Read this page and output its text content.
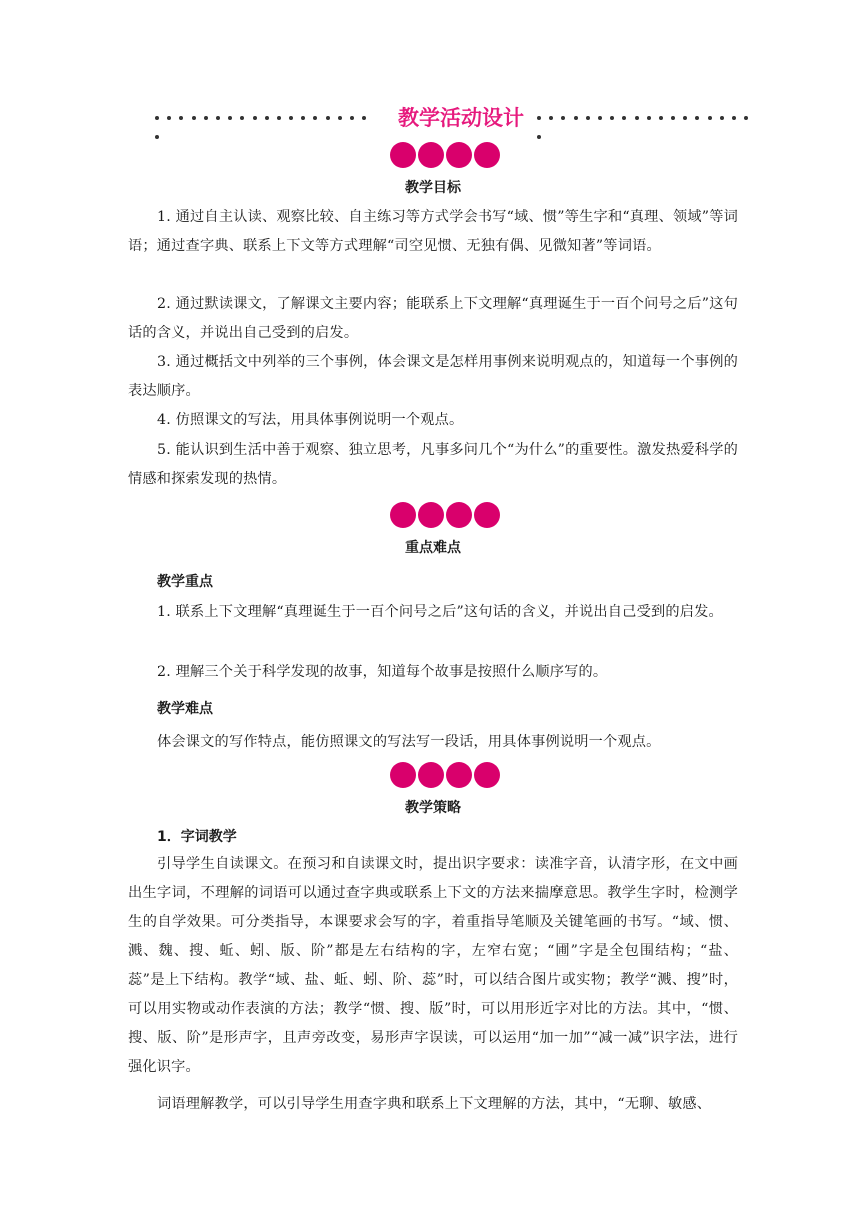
教学活动设计
教学目标
1. 通过自主认读、观察比较、自主练习等方式学会书写“域、惯”等生字和“真理、领域”等词语；通过查字典、联系上下文等方式理解“司空见惯、无独有偶、见微知著”等词语。
2. 通过默读课文，了解课文主要内容；能联系上下文理解“真理诞生于一百个问号之后”这句话的含义，并说出自己受到的启发。
3. 通过概括文中列举的三个事例，体会课文是怎样用事例来说明观点的，知道每一个事例的表达顺序。
4. 仿照课文的写法，用具体事例说明一个观点。
5. 能认识到生活中善于观察、独立思考，凡事多问几个“为什么”的重要性。激发热爱科学的情感和探索发现的热情。
重点难点
教学重点
1. 联系上下文理解“真理诞生于一百个问号之后”这句话的含义，并说出自己受到的启发。
2. 理解三个关于科学发现的故事，知道每个故事是按照什么顺序写的。
教学难点
体会课文的写作特点，能仿照课文的写法写一段话，用具体事例说明一个观点。
教学策略
1．字词教学
引导学生自读课文。在预习和自读课文时，提出识字要求：读准字音，认清字形，在文中画出生字词，不理解的词语可以通过查字典或联系上下文的方法来揣摩意思。教学生字时，检测学生的自学效果。可分类指导，本课要求会写的字，着重指导笔顺及关键笔画的书写。“域、惯、溅、魏、搜、蚯、蚓、版、阶”都是左右结构的字，左窄右宽；“圃”字是全包围结构；“盐、蕊”是上下结构。教学“域、盐、蚯、蚓、阶、蕊”时，可以结合图片或实物；教学“溅、搜”时，可以用实物或动作表演的方法；教学“惯、搜、版”时，可以用形近字对比的方法。其中，“惯、搜、版、阶”是形声字，且声旁改变，易形声字误读，可以运用“加一加”“减一减”识字法，进行强化识字。
词语理解教学，可以引导学生用查字典和联系上下文理解的方法，其中，“无聊、敏感、
